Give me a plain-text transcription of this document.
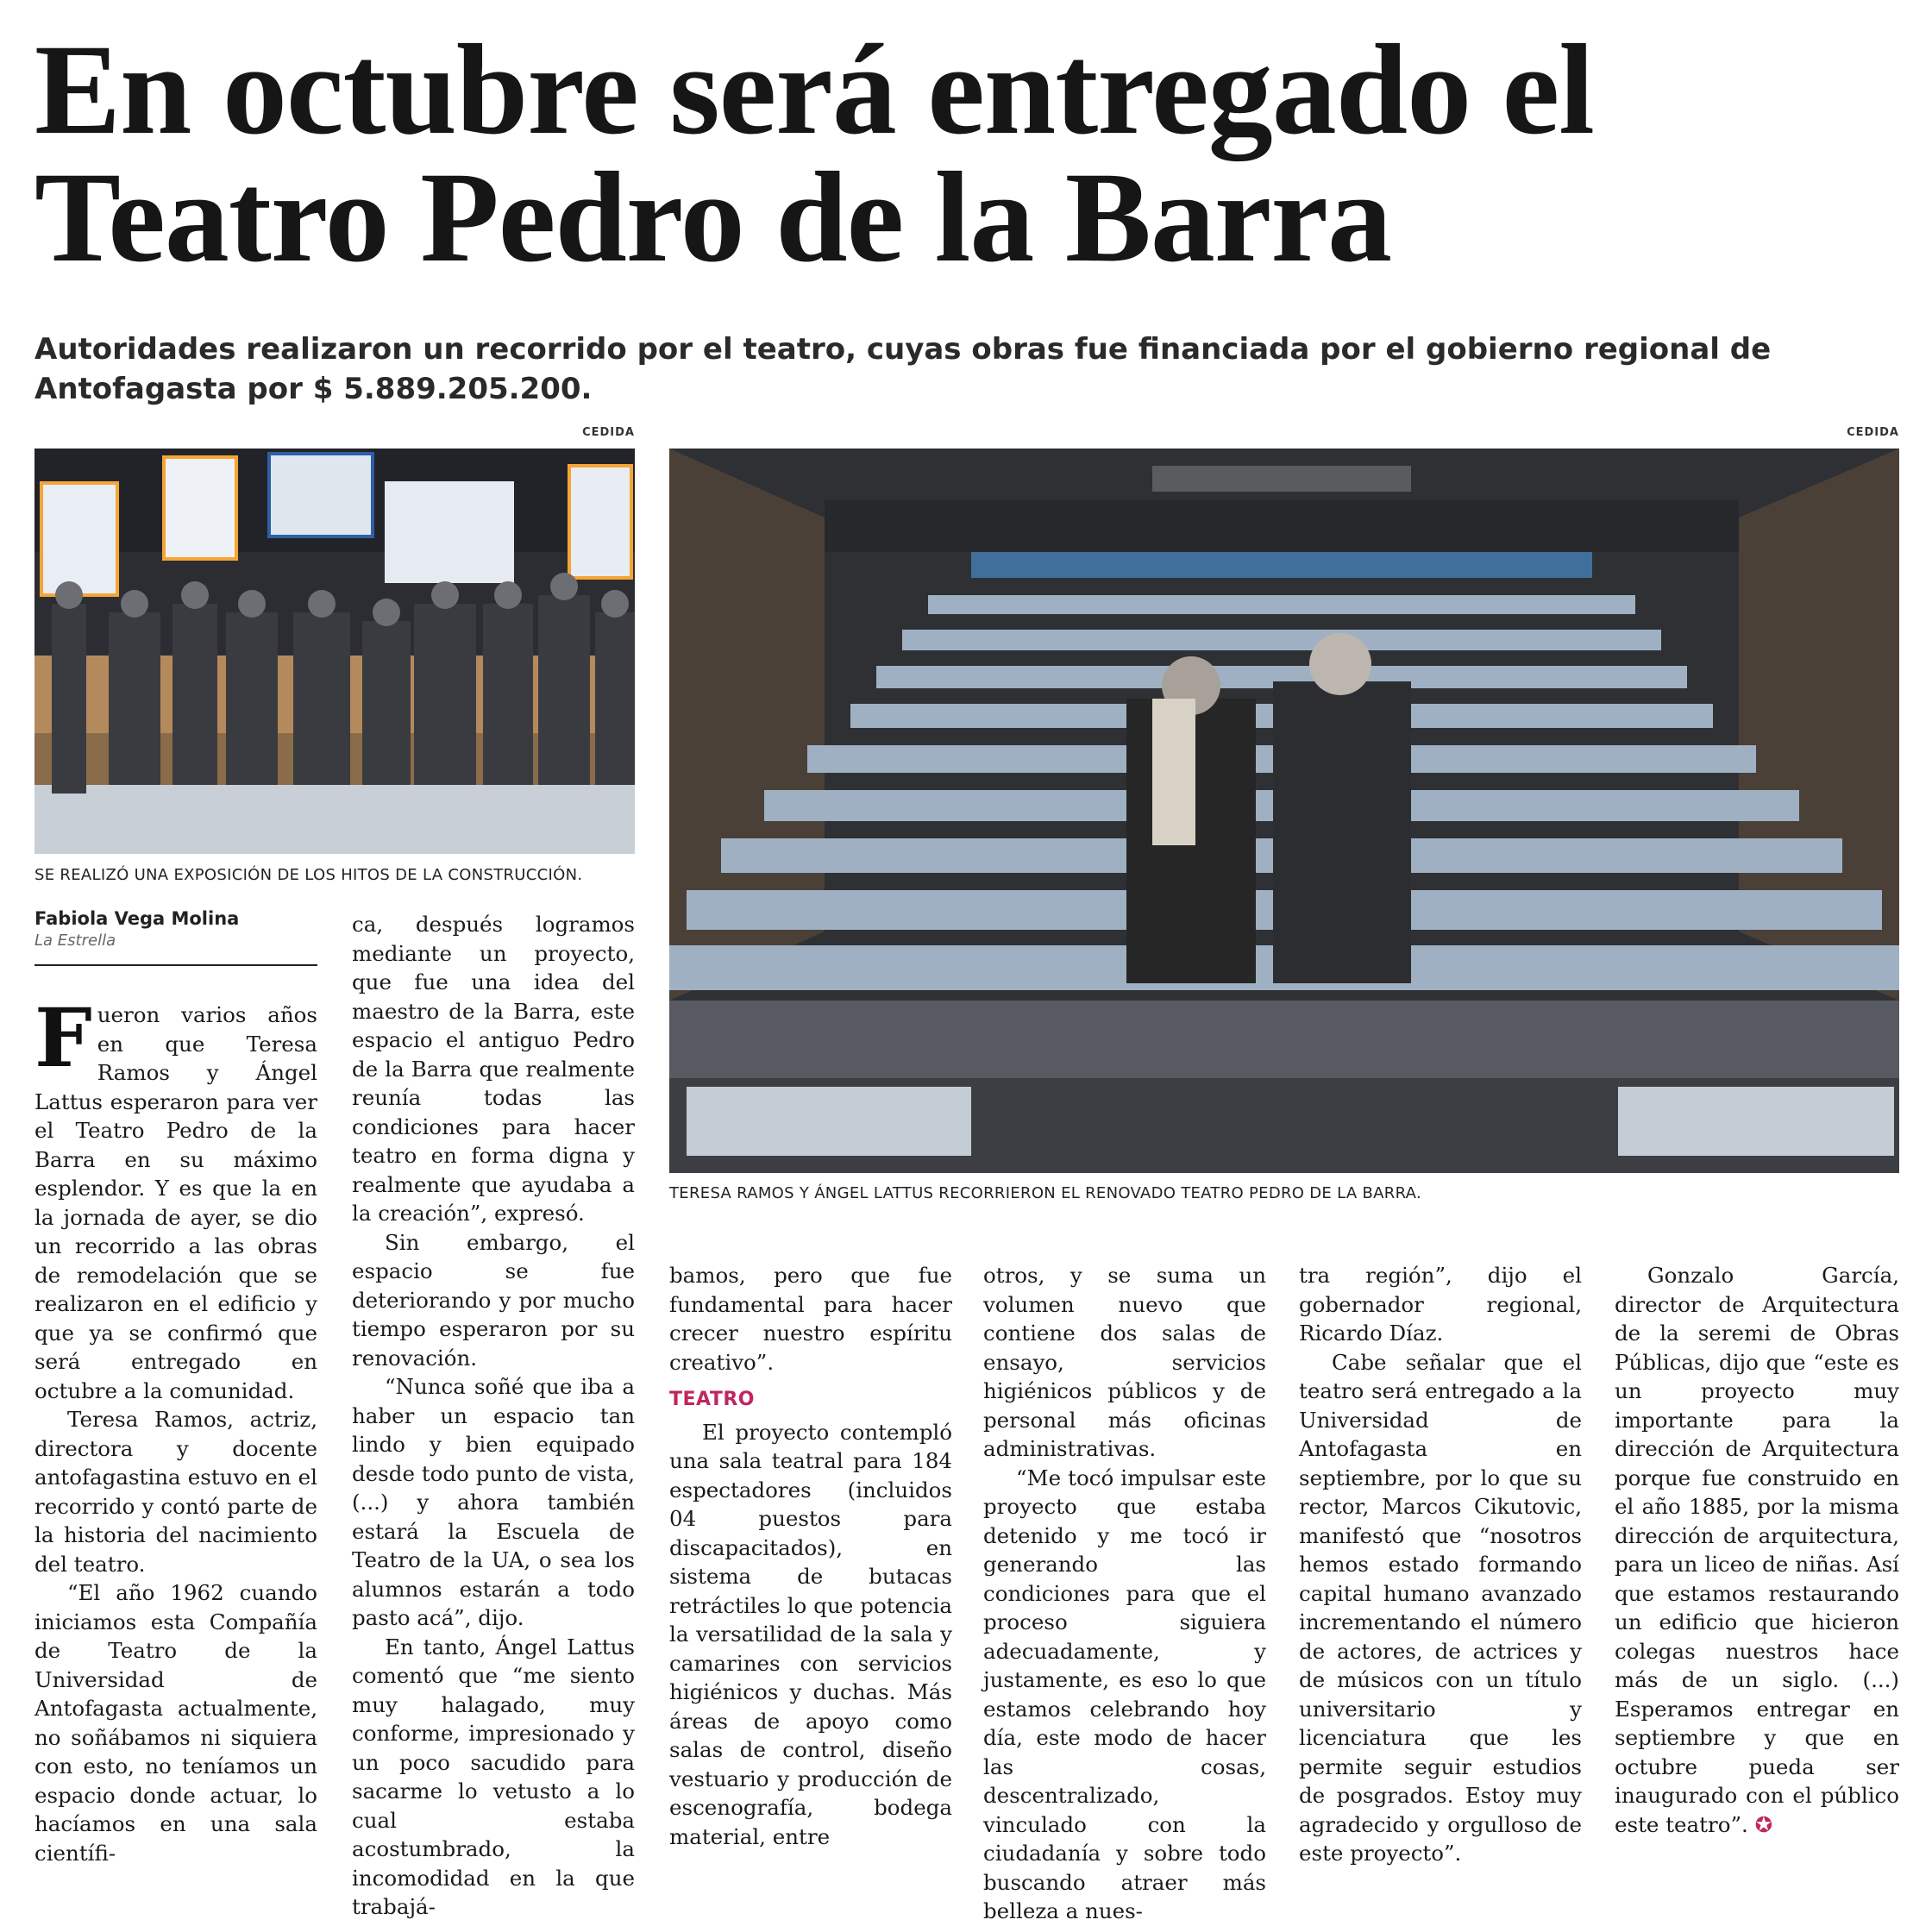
En octubre será entregado el Teatro Pedro de la Barra

Autoridades realizaron un recorrido por el teatro, cuyas obras fue financiada por el gobierno regional de Antofagasta por $ 5.889.205.200.

CEDIDA
SE REALIZÓ UNA EXPOSICIÓN DE LOS HITOS DE LA CONSTRUCCIÓN.
CEDIDA
TERESA RAMOS Y ÁNGEL LATTUS RECORRIERON EL RENOVADO TEATRO PEDRO DE LA BARRA.
Fabiola Vega Molina
La Estrella
F ueron varios años en que Teresa Ramos y Ángel Lattus esperaron para ver el Teatro Pedro de la Barra en su máximo esplendor. Y es que la en la jornada de ayer, se dio un recorrido a las obras de remodelación que se realizaron en el edificio y que ya se confirmó que será entregado en octubre a la comunidad.

Teresa Ramos, actriz, directora y docente antofagastina estuvo en el recorrido y contó parte de la historia del nacimiento del teatro.

“El año 1962 cuando iniciamos esta Compañía de Teatro de la Universidad de Antofagasta actualmente, no soñábamos ni siquiera con esto, no teníamos un espacio donde actuar, lo hacíamos en una sala científi-

ca, después logramos mediante un proyecto, que fue una idea del maestro de la Barra, este espacio el antiguo Pedro de la Barra que realmente reunía todas las condiciones para hacer teatro en forma digna y realmente que ayudaba a la creación”, expresó.

Sin embargo, el espacio se fue deteriorando y por mucho tiempo esperaron por su renovación.

“Nunca soñé que iba a haber un espacio tan lindo y bien equipado desde todo punto de vista, (...) y ahora también estará la Escuela de Teatro de la UA, o sea los alumnos estarán a todo pasto acá”, dijo.

En tanto, Ángel Lattus comentó que “me siento muy halagado, muy conforme, impresionado y un poco sacudido para sacarme lo vetusto a lo cual estaba acostumbrado, la incomodidad en la que trabajá-

bamos, pero que fue fundamental para hacer crecer nuestro espíritu creativo”.

TEATRO

El proyecto contempló una sala teatral para 184 espectadores (incluidos 04 puestos para discapacitados), en sistema de butacas retráctiles lo que potencia la versatilidad de la sala y camarines con servicios higiénicos y duchas. Más áreas de apoyo como salas de control, diseño vestuario y producción de escenografía, bodega material, entre

otros, y se suma un volumen nuevo que contiene dos salas de ensayo, servicios higiénicos públicos y de personal más oficinas administrativas.

“Me tocó impulsar este proyecto que estaba detenido y me tocó ir generando las condiciones para que el proceso siguiera adecuadamente, y justamente, es eso lo que estamos celebrando hoy día, este modo de hacer las cosas, descentralizado, vinculado con la ciudadanía y sobre todo buscando atraer más belleza a nues-

tra región”, dijo el gobernador regional, Ricardo Díaz.

Cabe señalar que el teatro será entregado a la Universidad de Antofagasta en septiembre, por lo que su rector, Marcos Cikutovic, manifestó que “nosotros hemos estado formando capital humano avanzado incrementando el número de actores, de actrices y de músicos con un título universitario y licenciatura que les permite seguir estudios de posgrados. Estoy muy agradecido y orgulloso de este proyecto”.

Gonzalo García, director de Arquitectura de la seremi de Obras Públicas, dijo que “este es un proyecto muy importante para la dirección de Arquitectura porque fue construido en el año 1885, por la misma dirección de arquitectura, para un liceo de niñas. Así que estamos restaurando un edificio que hicieron colegas nuestros hace más de un siglo. (...) Esperamos entregar en septiembre y que en octubre pueda ser inaugurado con el público este teatro”. ✪
